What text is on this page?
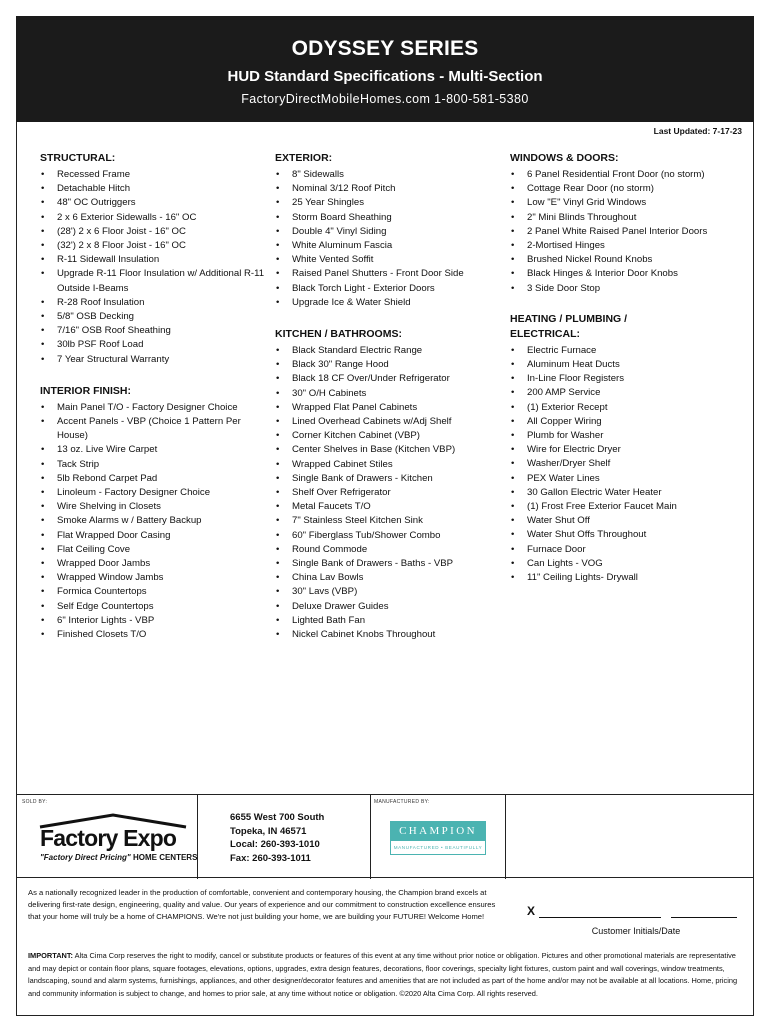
ODYSSEY SERIES
HUD Standard Specifications - Multi-Section
FactoryDirectMobileHomes.com 1-800-581-5380
Last Updated: 7-17-23
STRUCTURAL:
• Recessed Frame
• Detachable Hitch
• 48" OC Outriggers
• 2 x 6 Exterior Sidewalls - 16" OC
• (28') 2 x 6 Floor Joist - 16" OC
• (32') 2 x 8 Floor Joist - 16" OC
• R-11 Sidewall Insulation
• Upgrade R-11 Floor Insulation w/ Additional R-11 Outside I-Beams
• R-28 Roof Insulation
• 5/8" OSB Decking
• 7/16" OSB Roof Sheathing
• 30lb PSF Roof Load
• 7 Year Structural Warranty
INTERIOR FINISH:
• Main Panel T/O - Factory Designer Choice
• Accent Panels - VBP (Choice 1 Pattern Per House)
• 13 oz. Live Wire Carpet
• Tack Strip
• 5lb Rebond Carpet Pad
• Linoleum - Factory Designer Choice
• Wire Shelving in Closets
• Smoke Alarms w / Battery Backup
• Flat Wrapped Door Casing
• Flat Ceiling Cove
• Wrapped Door Jambs
• Wrapped Window Jambs
• Formica Countertops
• Self Edge Countertops
• 6" Interior Lights - VBP
• Finished Closets T/O
EXTERIOR:
• 8" Sidewalls
• Nominal 3/12 Roof Pitch
• 25 Year Shingles
• Storm Board Sheathing
• Double 4" Vinyl Siding
• White Aluminum Fascia
• White Vented Soffit
• Raised Panel Shutters - Front Door Side
• Black Torch Light - Exterior Doors
• Upgrade Ice & Water Shield
KITCHEN / BATHROOMS:
• Black Standard Electric Range
• Black 30" Range Hood
• Black 18 CF Over/Under Refrigerator
• 30" O/H Cabinets
• Wrapped Flat Panel Cabinets
• Lined Overhead Cabinets w/Adj Shelf
• Corner Kitchen Cabinet (VBP)
• Center Shelves in Base (Kitchen VBP)
• Wrapped Cabinet Stiles
• Single Bank of Drawers - Kitchen
• Shelf Over Refrigerator
• Metal Faucets T/O
• 7" Stainless Steel Kitchen Sink
• 60" Fiberglass Tub/Shower Combo
• Round Commode
• Single Bank of Drawers - Baths - VBP
• China Lav Bowls
• 30" Lavs (VBP)
• Deluxe Drawer Guides
• Lighted Bath Fan
• Nickel Cabinet Knobs Throughout
WINDOWS & DOORS:
• 6 Panel Residential Front Door (no storm)
• Cottage Rear Door (no storm)
• Low "E" Vinyl Grid Windows
• 2" Mini Blinds Throughout
• 2 Panel White Raised Panel Interior Doors
• 2-Mortised Hinges
• Brushed Nickel Round Knobs
• Black Hinges & Interior Door Knobs
• 3 Side Door Stop
HEATING / PLUMBING /
ELECTRICAL:
• Electric Furnace
• Aluminum Heat Ducts
• In-Line Floor Registers
• 200 AMP Service
• (1) Exterior Recept
• All Copper Wiring
• Plumb for Washer
• Wire for Electric Dryer
• Washer/Dryer Shelf
• PEX Water Lines
• 30 Gallon Electric Water Heater
• (1) Frost Free Exterior Faucet Main
• Water Shut Off
• Water Shut Offs Throughout
• Furnace Door
• Can Lights - VOG
• 11" Ceiling Lights- Drywall
SOLD BY:	MANUFACTURED BY:
Factory Expo
"Factory Direct Pricing" HOME CENTERS
6655 West 700 South
Topeka, IN 46571
Local: 260-393-1010
Fax: 260-393-1011
CHAMPION
MANUFACTURED • BEAUTIFULLY
As a nationally recognized leader in the production of comfortable, convenient and contemporary housing, the Champion brand excels at delivering first-rate design, engineering, quality and value. Our years of experience and our commitment to construction excellence ensures that your home will truly be a home of CHAMPIONS. We're not just building your home, we are building your FUTURE! Welcome Home!	X
Customer Initials/Date
IMPORTANT: Alta Cima Corp reserves the right to modify, cancel or substitute products or features of this event at any time without prior notice or obligation. Pictures and other promotional materials are representative and may depict or contain floor plans, square footages, elevations, options, upgrades, extra design features, decorations, floor coverings, specialty light fixtures, custom paint and wall coverings, window treatments, landscaping, sound and alarm systems, furnishings, appliances, and other designer/decorator features and amenities that are not included as part of the home and/or may not be available at all locations. Home, pricing and community information is subject to change, and homes to prior sale, at any time without notice or obligation. ©2020 Alta Cima Corp. All rights reserved.
